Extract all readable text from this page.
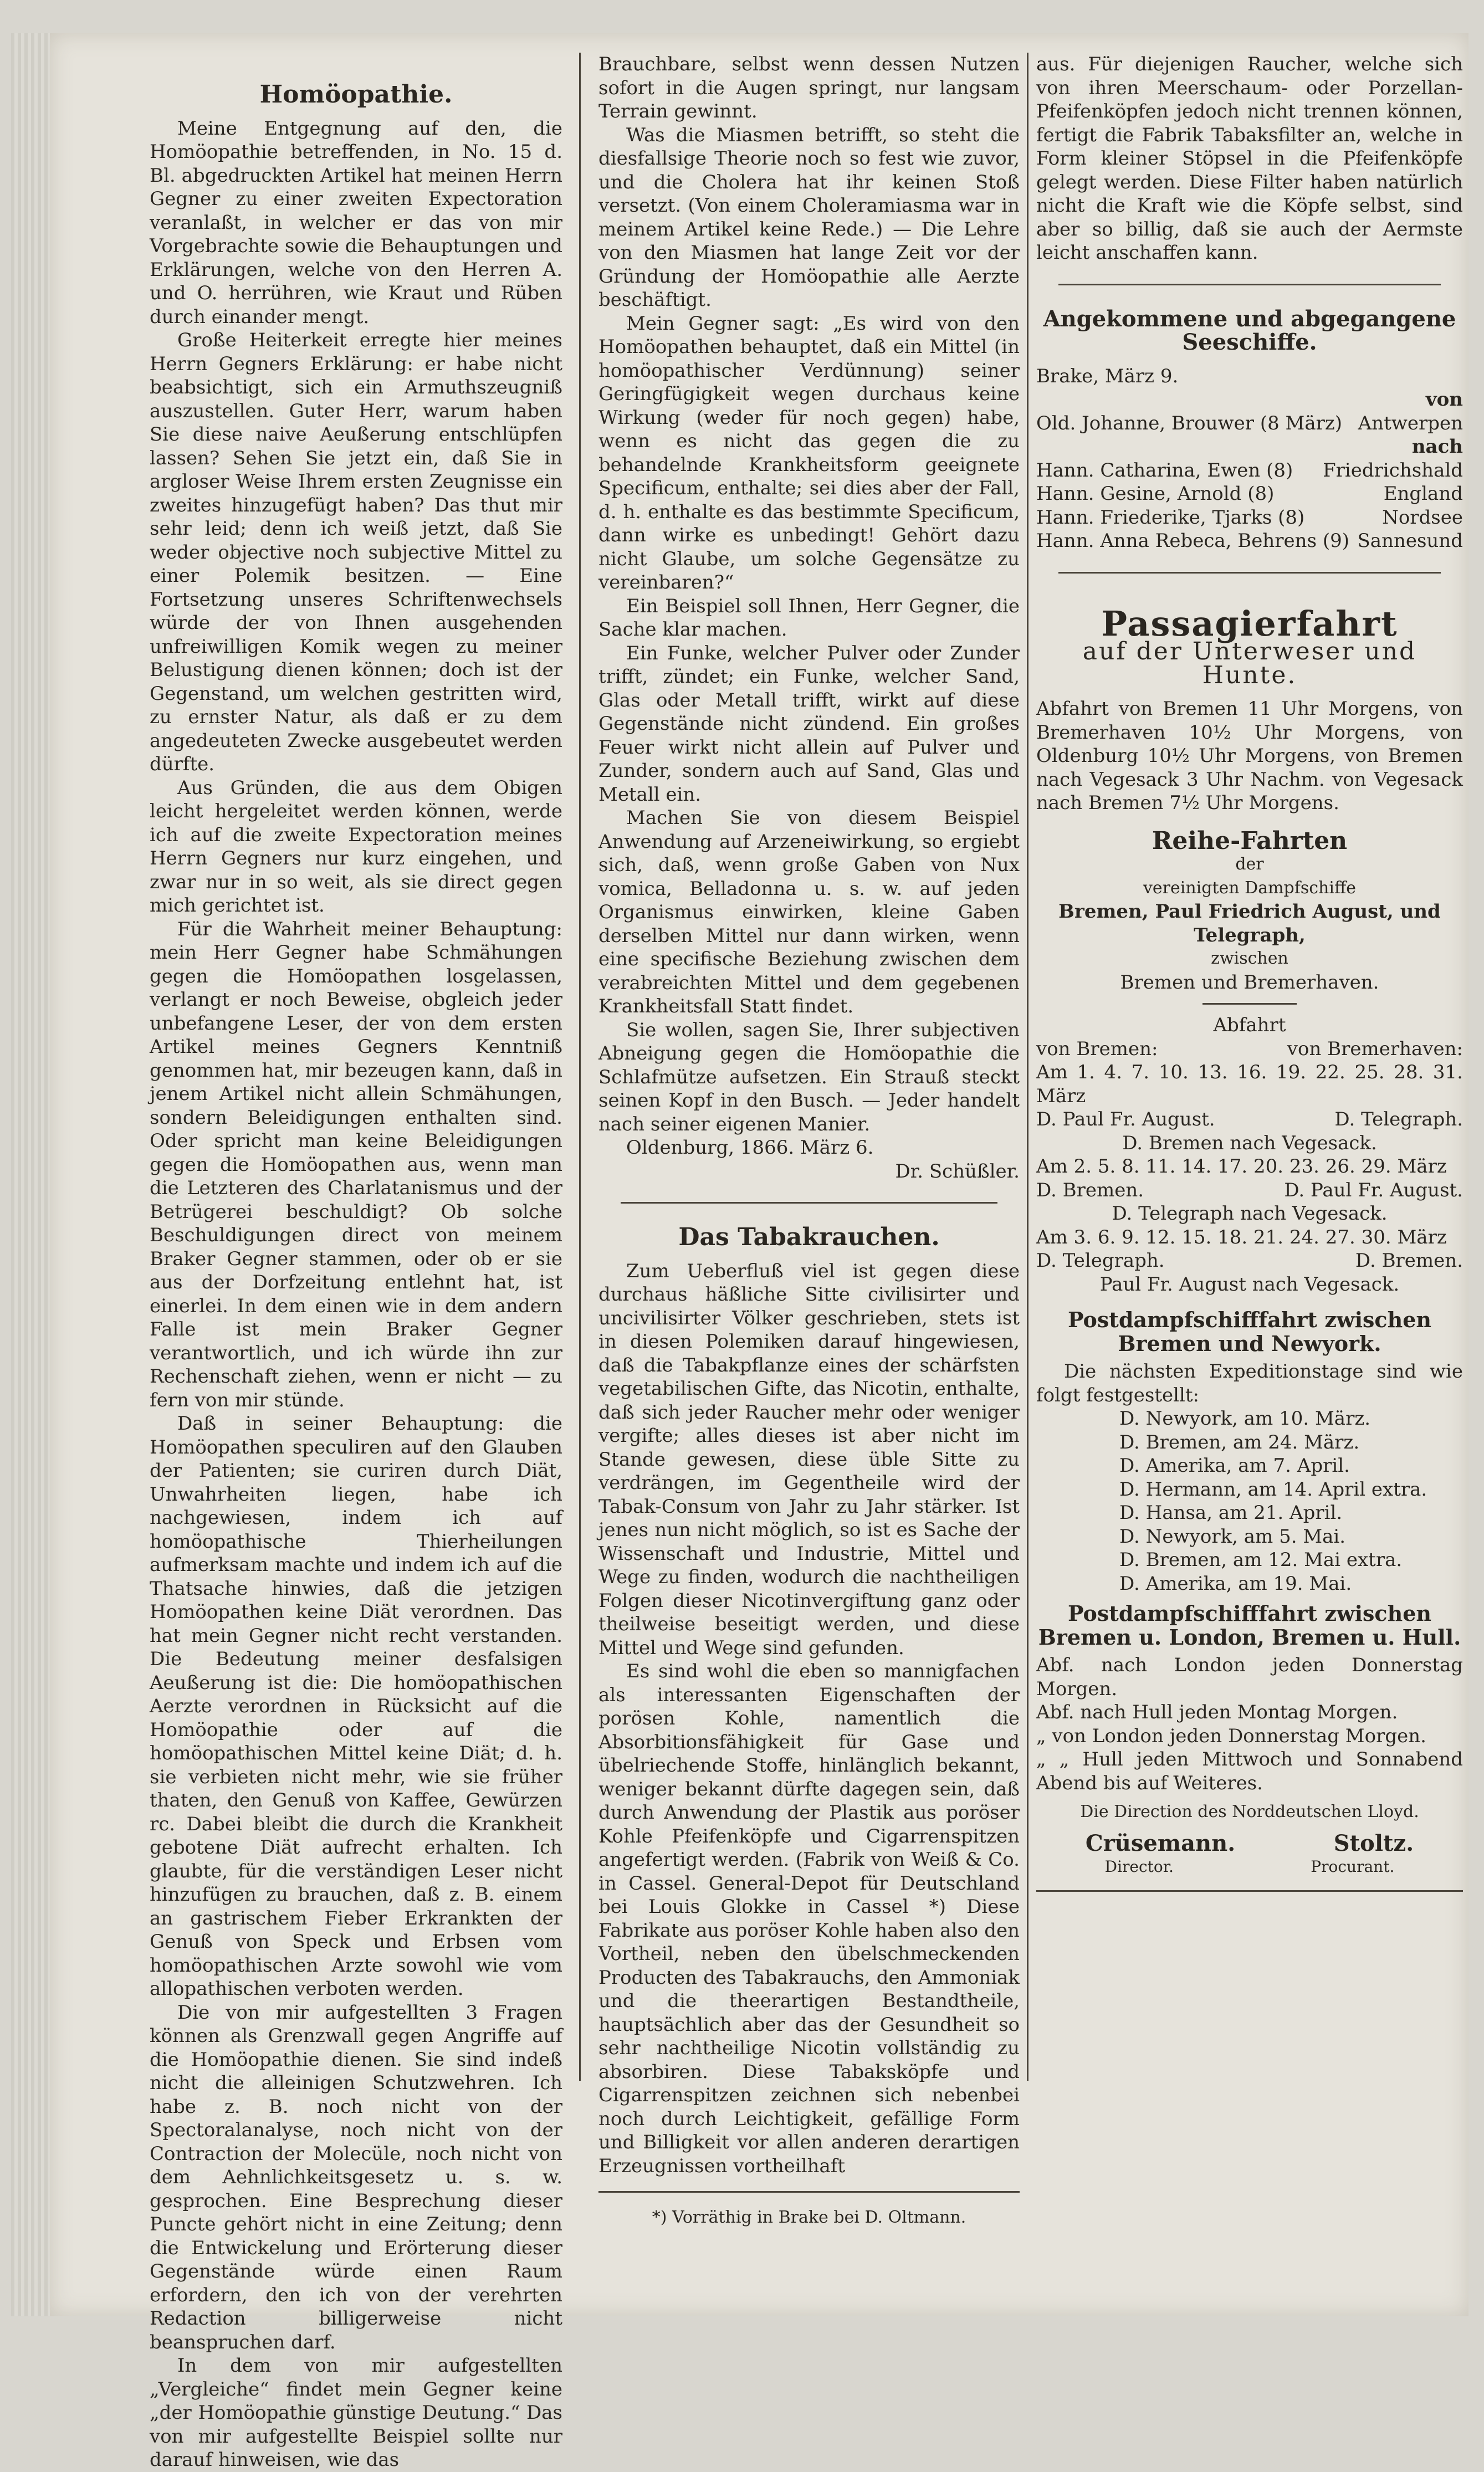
Homöopathie.

Meine Entgegnung auf den, die Homöopathie betreffenden, in No. 15 d. Bl. abgedruckten Artikel hat meinen Herrn Gegner zu einer zweiten Expectoration veranlaßt, in welcher er das von mir Vorgebrachte sowie die Behauptungen und Erklärungen, welche von den Herren A. und O. herrühren, wie Kraut und Rüben durch einander mengt.

Große Heiterkeit erregte hier meines Herrn Gegners Erklärung: er habe nicht beabsichtigt, sich ein Armuthszeugniß auszustellen. Guter Herr, warum haben Sie diese naive Aeußerung entschlüpfen lassen? Sehen Sie jetzt ein, daß Sie in argloser Weise Ihrem ersten Zeugnisse ein zweites hinzugefügt haben? Das thut mir sehr leid; denn ich weiß jetzt, daß Sie weder objective noch subjective Mittel zu einer Polemik besitzen. — Eine Fortsetzung unseres Schriftenwechsels würde der von Ihnen ausgehenden unfreiwilligen Komik wegen zu meiner Belustigung dienen können; doch ist der Gegenstand, um welchen gestritten wird, zu ernster Natur, als daß er zu dem angedeuteten Zwecke ausgebeutet werden dürfte.

Aus Gründen, die aus dem Obigen leicht hergeleitet werden können, werde ich auf die zweite Expectoration meines Herrn Gegners nur kurz eingehen, und zwar nur in so weit, als sie direct gegen mich gerichtet ist.

Für die Wahrheit meiner Behauptung: mein Herr Gegner habe Schmähungen gegen die Homöopathen losgelassen, verlangt er noch Beweise, obgleich jeder unbefangene Leser, der von dem ersten Artikel meines Gegners Kenntniß genommen hat, mir bezeugen kann, daß in jenem Artikel nicht allein Schmähungen, sondern Beleidigungen enthalten sind. Oder spricht man keine Beleidigungen gegen die Homöopathen aus, wenn man die Letzteren des Charlatanismus und der Betrügerei beschuldigt? Ob solche Beschuldigungen direct von meinem Braker Gegner stammen, oder ob er sie aus der Dorfzeitung entlehnt hat, ist einerlei. In dem einen wie in dem andern Falle ist mein Braker Gegner verantwortlich, und ich würde ihn zur Rechenschaft ziehen, wenn er nicht — zu fern von mir stünde.

Daß in seiner Behauptung: die Homöopathen speculiren auf den Glauben der Patienten; sie curiren durch Diät, Unwahrheiten liegen, habe ich nachgewiesen, indem ich auf homöopathische Thierheilungen aufmerksam machte und indem ich auf die Thatsache hinwies, daß die jetzigen Homöopathen keine Diät verordnen. Das hat mein Gegner nicht recht verstanden. Die Bedeutung meiner desfalsigen Aeußerung ist die: Die homöopathischen Aerzte verordnen in Rücksicht auf die Homöopathie oder auf die homöopathischen Mittel keine Diät; d. h. sie verbieten nicht mehr, wie sie früher thaten, den Genuß von Kaffee, Gewürzen rc. Dabei bleibt die durch die Krankheit gebotene Diät aufrecht erhalten. Ich glaubte, für die verständigen Leser nicht hinzufügen zu brauchen, daß z. B. einem an gastrischem Fieber Erkrankten der Genuß von Speck und Erbsen vom homöopathischen Arzte sowohl wie vom allopathischen verboten werden.

Die von mir aufgestellten 3 Fragen können als Grenzwall gegen Angriffe auf die Homöopathie dienen. Sie sind indeß nicht die alleinigen Schutzwehren. Ich habe z. B. noch nicht von der Spectoralanalyse, noch nicht von der Contraction der Molecüle, noch nicht von dem Aehnlichkeitsgesetz u. s. w. gesprochen. Eine Besprechung dieser Puncte gehört nicht in eine Zeitung; denn die Entwickelung und Erörterung dieser Gegenstände würde einen Raum erfordern, den ich von der verehrten Redaction billigerweise nicht beanspruchen darf.

In dem von mir aufgestellten „Vergleiche“ findet mein Gegner keine „der Homöopathie günstige Deutung.“ Das von mir aufgestellte Beispiel sollte nur darauf hinweisen, wie das

Brauchbare, selbst wenn dessen Nutzen sofort in die Augen springt, nur langsam Terrain gewinnt.

Was die Miasmen betrifft, so steht die diesfallsige Theorie noch so fest wie zuvor, und die Cholera hat ihr keinen Stoß versetzt. (Von einem Choleramiasma war in meinem Artikel keine Rede.) — Die Lehre von den Miasmen hat lange Zeit vor der Gründung der Homöopathie alle Aerzte beschäftigt.

Mein Gegner sagt: „Es wird von den Homöopathen behauptet, daß ein Mittel (in homöopathischer Verdünnung) seiner Geringfügigkeit wegen durchaus keine Wirkung (weder für noch gegen) habe, wenn es nicht das gegen die zu behandelnde Krankheitsform geeignete Specificum, enthalte; sei dies aber der Fall, d. h. enthalte es das bestimmte Specificum, dann wirke es unbedingt! Gehört dazu nicht Glaube, um solche Gegensätze zu vereinbaren?“

Ein Beispiel soll Ihnen, Herr Gegner, die Sache klar machen.

Ein Funke, welcher Pulver oder Zunder trifft, zündet; ein Funke, welcher Sand, Glas oder Metall trifft, wirkt auf diese Gegenstände nicht zündend. Ein großes Feuer wirkt nicht allein auf Pulver und Zunder, sondern auch auf Sand, Glas und Metall ein.

Machen Sie von diesem Beispiel Anwendung auf Arzeneiwirkung, so ergiebt sich, daß, wenn große Gaben von Nux vomica, Belladonna u. s. w. auf jeden Organismus einwirken, kleine Gaben derselben Mittel nur dann wirken, wenn eine specifische Beziehung zwischen dem verabreichten Mittel und dem gegebenen Krankheitsfall Statt findet.

Sie wollen, sagen Sie, Ihrer subjectiven Abneigung gegen die Homöopathie die Schlafmütze aufsetzen. Ein Strauß steckt seinen Kopf in den Busch. — Jeder handelt nach seiner eigenen Manier.

Oldenburg, 1866. März 6.
Dr. Schüßler.
Das Tabakrauchen.

Zum Ueberfluß viel ist gegen diese durchaus häßliche Sitte civilisirter und uncivilisirter Völker geschrieben, stets ist in diesen Polemiken darauf hingewiesen, daß die Tabakpflanze eines der schärfsten vegetabilischen Gifte, das Nicotin, enthalte, daß sich jeder Raucher mehr oder weniger vergifte; alles dieses ist aber nicht im Stande gewesen, diese üble Sitte zu verdrängen, im Gegentheile wird der Tabak-Consum von Jahr zu Jahr stärker. Ist jenes nun nicht möglich, so ist es Sache der Wissenschaft und Industrie, Mittel und Wege zu finden, wodurch die nachtheiligen Folgen dieser Nicotinvergiftung ganz oder theilweise beseitigt werden, und diese Mittel und Wege sind gefunden.

Es sind wohl die eben so mannigfachen als interessanten Eigenschaften der porösen Kohle, namentlich die Absorbitionsfähigkeit für Gase und übelriechende Stoffe, hinlänglich bekannt, weniger bekannt dürfte dagegen sein, daß durch Anwendung der Plastik aus poröser Kohle Pfeifenköpfe und Cigarrenspitzen angefertigt werden. (Fabrik von Weiß & Co. in Cassel. General-Depot für Deutschland bei Louis Glokke in Cassel *) Diese Fabrikate aus poröser Kohle haben also den Vortheil, neben den übelschmeckenden Producten des Tabakrauchs, den Ammoniak und die theerartigen Bestandtheile, hauptsächlich aber das der Gesundheit so sehr nachtheilige Nicotin vollständig zu absorbiren. Diese Tabaksköpfe und Cigarrenspitzen zeichnen sich nebenbei noch durch Leichtigkeit, gefällige Form und Billigkeit vor allen anderen derartigen Erzeugnissen vortheilhaft

*) Vorräthig in Brake bei D. Oltmann.

aus. Für diejenigen Raucher, welche sich von ihren Meerschaum- oder Porzellan-Pfeifenköpfen jedoch nicht trennen können, fertigt die Fabrik Tabaksfilter an, welche in Form kleiner Stöpsel in die Pfeifenköpfe gelegt werden. Diese Filter haben natürlich nicht die Kraft wie die Köpfe selbst, sind aber so billig, daß sie auch der Aermste leicht anschaffen kann.

Angekommene und abgegangene Seeschiffe.
Brake, März 9.
von
Old. Johanne, Brouwer (8 März) Antwerpen
nach
Hann. Catharina, Ewen (8) Friedrichshald
Hann. Gesine, Arnold (8)	England
Hann. Friederike, Tjarks (8)	Nordsee
Hann. Anna Rebeca, Behrens (9) Sannesund
Passagierfahrt
auf der Unterweser und Hunte.

Abfahrt von Bremen 11 Uhr Morgens, von Bremerhaven 10½ Uhr Morgens, von Oldenburg 10½ Uhr Morgens, von Bremen nach Vegesack 3 Uhr Nachm. von Vegesack nach Bremen 7½ Uhr Morgens.

Reihe-Fahrten
der
vereinigten Dampfschiffe
Bremen, Paul Friedrich August, und Telegraph,
zwischen
Bremen und Bremerhaven.
Abfahrt
von Bremen:	von Bremerhaven:
Am 1. 4. 7. 10. 13. 16. 19. 22. 25. 28. 31. März
D. Paul Fr. August.	D. Telegraph.
D. Bremen nach Vegesack.
Am 2. 5. 8. 11. 14. 17. 20. 23. 26. 29. März
D. Bremen.	D. Paul Fr. August.
D. Telegraph nach Vegesack.
Am 3. 6. 9. 12. 15. 18. 21. 24. 27. 30. März
D. Telegraph.	D. Bremen.
Paul Fr. August nach Vegesack.
Postdampfschifffahrt zwischen Bremen und Newyork.

Die nächsten Expeditionstage sind wie folgt festgestellt:

D. Newyork, am 10. März.
D. Bremen, am 24. März.
D. Amerika, am 7. April.
D. Hermann, am 14. April extra.
D. Hansa, am 21. April.
D. Newyork, am 5. Mai.
D. Bremen, am 12. Mai extra.
D. Amerika, am 19. Mai.
Postdampfschifffahrt zwischen Bremen u. London, Bremen u. Hull.
Abf. nach London jeden Donnerstag Morgen.
Abf. nach Hull jeden Montag Morgen.
„ von London jeden Donnerstag Morgen.
„ „ Hull jeden Mittwoch und Sonnabend Abend bis auf Weiteres.
Die Direction des Norddeutschen Lloyd.
Crüsemann.	Stoltz.
Director.	Procurant.
